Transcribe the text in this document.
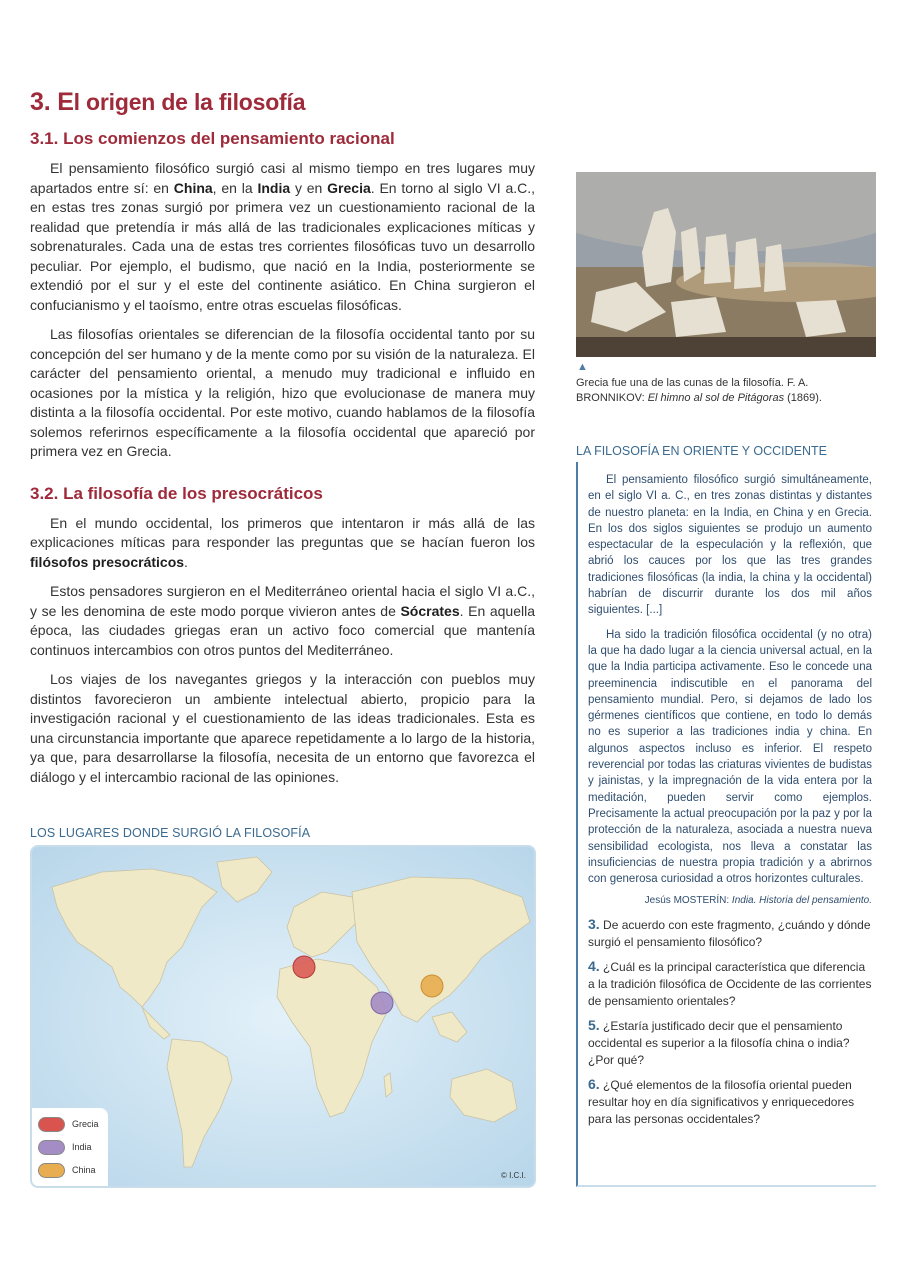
3. El origen de la filosofía
3.1. Los comienzos del pensamiento racional

El pensamiento filosófico surgió casi al mismo tiempo en tres lugares muy apartados entre sí: en China, en la India y en Grecia. En torno al siglo VI a.C., en estas tres zonas surgió por primera vez un cuestionamiento racional de la realidad que pretendía ir más allá de las tradicionales explicaciones míticas y sobrenaturales. Cada una de estas tres corrientes filosóficas tuvo un desarrollo peculiar. Por ejemplo, el budismo, que nació en la India, posteriormente se extendió por el sur y el este del continente asiático. En China surgieron el confucianismo y el taoísmo, entre otras escuelas filosóficas.

Las filosofías orientales se diferencian de la filosofía occidental tanto por su concepción del ser humano y de la mente como por su visión de la naturaleza. El carácter del pensamiento oriental, a menudo muy tradicional e influido en ocasiones por la mística y la religión, hizo que evolucionase de manera muy distinta a la filosofía occidental. Por este motivo, cuando hablamos de la filosofía solemos referirnos específicamente a la filosofía occidental que apareció por primera vez en Grecia.

3.2. La filosofía de los presocráticos

En el mundo occidental, los primeros que intentaron ir más allá de las explicaciones míticas para responder las preguntas que se hacían fueron los filósofos presocráticos.

Estos pensadores surgieron en el Mediterráneo oriental hacia el siglo VI a.C., y se les denomina de este modo porque vivieron antes de Sócrates. En aquella época, las ciudades griegas eran un activo foco comercial que mantenía continuos intercambios con otros puntos del Mediterráneo.

Los viajes de los navegantes griegos y la interacción con pueblos muy distintos favorecieron un ambiente intelectual abierto, propicio para la investigación racional y el cuestionamiento de las ideas tradicionales. Esta es una circunstancia importante que aparece repetidamente a lo largo de la historia, ya que, para desarrollarse la filosofía, necesita de un entorno que favorezca el diálogo y el intercambio racional de las opiniones.

LOS LUGARES DONDE SURGIÓ LA FILOSOFÍA
Grecia
India
China
© I.C.I.
▲
Grecia fue una de las cunas de la filosofía. F. A. BRONNIKOV: El himno al sol de Pitágoras (1869).
LA FILOSOFÍA EN ORIENTE Y OCCIDENTE

El pensamiento filosófico surgió simultáneamente, en el siglo VI a. C., en tres zonas distintas y distantes de nuestro planeta: en la India, en China y en Grecia. En los dos siglos siguientes se produjo un aumento espectacular de la especulación y la reflexión, que abrió los cauces por los que las tres grandes tradiciones filosóficas (la india, la china y la occidental) habrían de discurrir durante los dos mil años siguientes. [...]

Ha sido la tradición filosófica occidental (y no otra) la que ha dado lugar a la ciencia universal actual, en la que la India participa activamente. Eso le concede una preeminencia indiscutible en el panorama del pensamiento mundial. Pero, si dejamos de lado los gérmenes científicos que contiene, en todo lo demás no es superior a las tradiciones india y china. En algunos aspectos incluso es inferior. El respeto reverencial por todas las criaturas vivientes de budistas y jainistas, y la impregnación de la vida entera por la meditación, pueden servir como ejemplos. Precisamente la actual preocupación por la paz y por la protección de la naturaleza, asociada a nuestra nueva sensibilidad ecologista, nos lleva a constatar las insuficiencias de nuestra propia tradición y a abrirnos con generosa curiosidad a otros horizontes culturales.

Jesús MOSTERÍN: India. Historia del pensamiento.

3. De acuerdo con este fragmento, ¿cuándo y dónde surgió el pensamiento filosófico?

4. ¿Cuál es la principal característica que diferencia a la tradición filosófica de Occidente de las corrientes de pensamiento orientales?

5. ¿Estaría justificado decir que el pensamiento occidental es superior a la filosofía china o india? ¿Por qué?

6. ¿Qué elementos de la filosofía oriental pueden resultar hoy en día significativos y enriquecedores para las personas occidentales?
